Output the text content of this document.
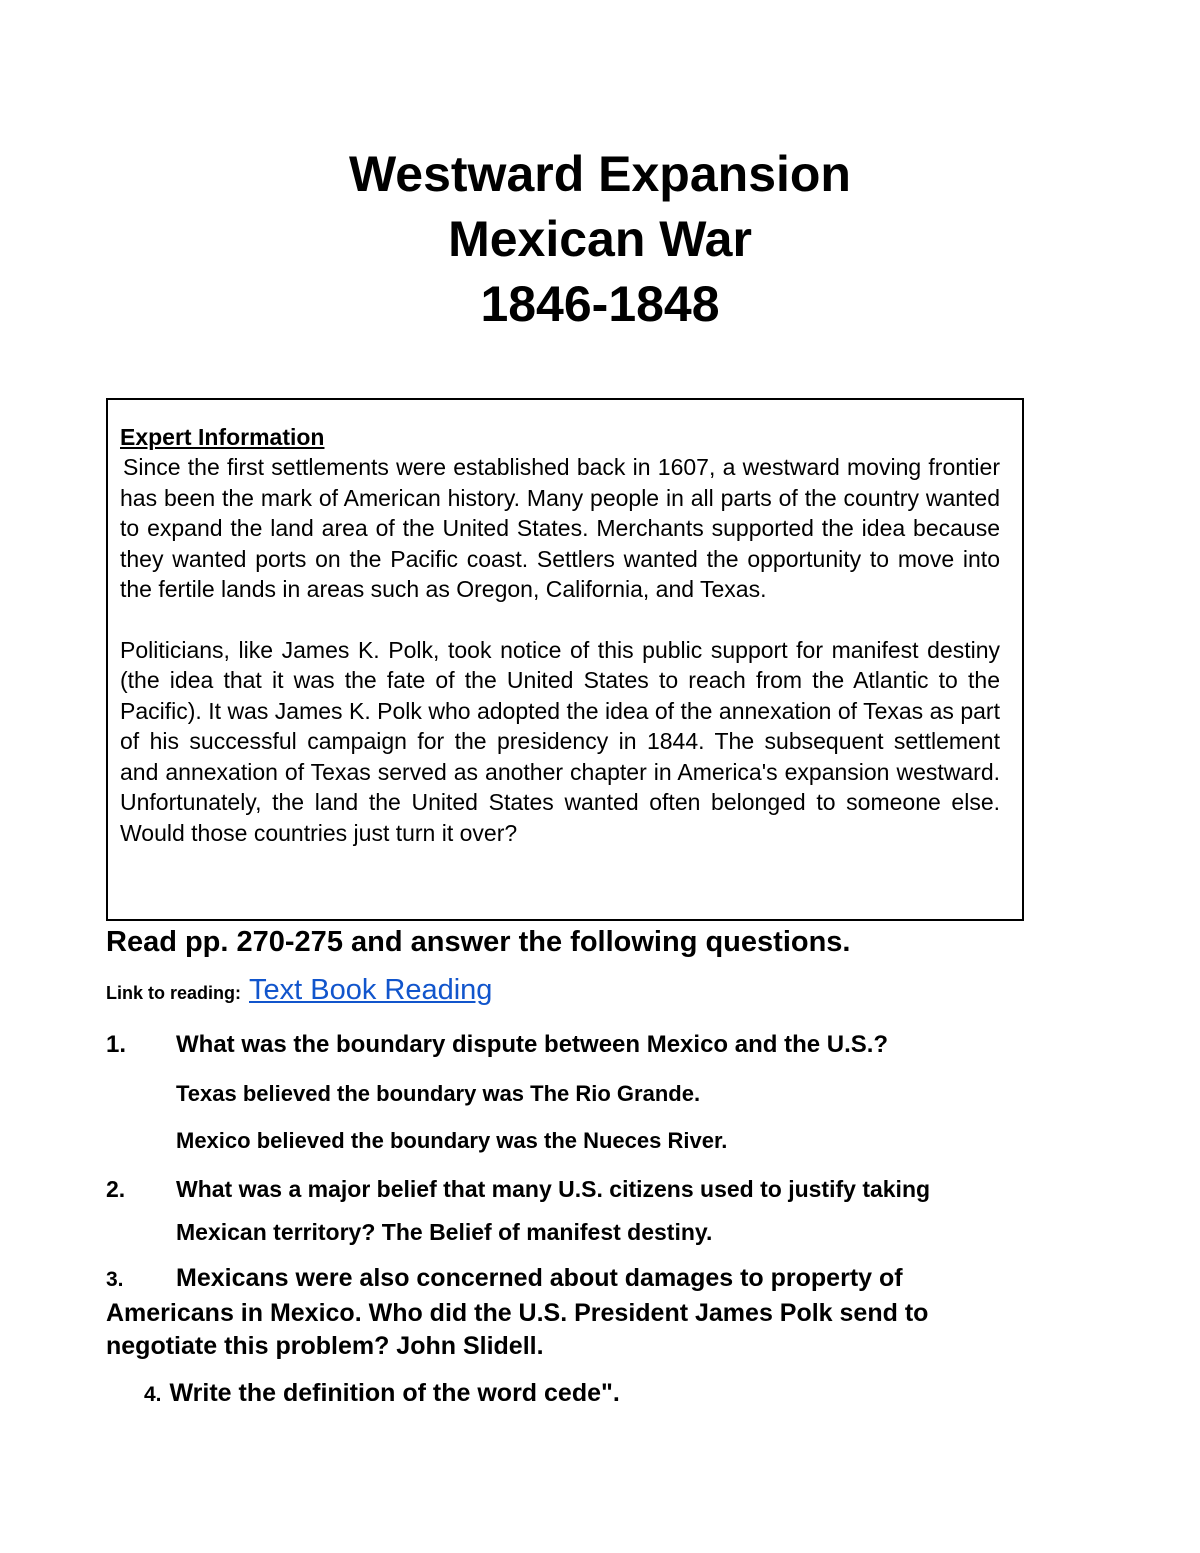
Westward Expansion
Mexican War
1846-1848
Expert Information

Since the first settlements were established back in 1607, a westward moving frontier has been the mark of American history. Many people in all parts of the country wanted to expand the land area of the United States. Merchants supported the idea because they wanted ports on the Pacific coast. Settlers wanted the opportunity to move into the fertile lands in areas such as Oregon, California, and Texas.

Politicians, like James K. Polk, took notice of this public support for manifest destiny (the idea that it was the fate of the United States to reach from the Atlantic to the Pacific). It was James K. Polk who adopted the idea of the annexation of Texas as part of his successful campaign for the presidency in 1844. The subsequent settlement and annexation of Texas served as another chapter in America's expansion westward. Unfortunately, the land the United States wanted often belonged to someone else. Would those countries just turn it over?

Read pp. 270-275 and answer the following questions.
Link to reading: Text Book Reading
1. What was the boundary dispute between Mexico and the U.S.?
Texas believed the boundary was The Rio Grande.
Mexico believed the boundary was the Nueces River.
2. What was a major belief that many U.S. citizens used to justify taking
Mexican territory? The Belief of manifest destiny.
3. Mexicans were also concerned about damages to property of Americans in Mexico. Who did the U.S. President James Polk send to negotiate this problem? John Slidell.
4. Write the definition of the word cede".
